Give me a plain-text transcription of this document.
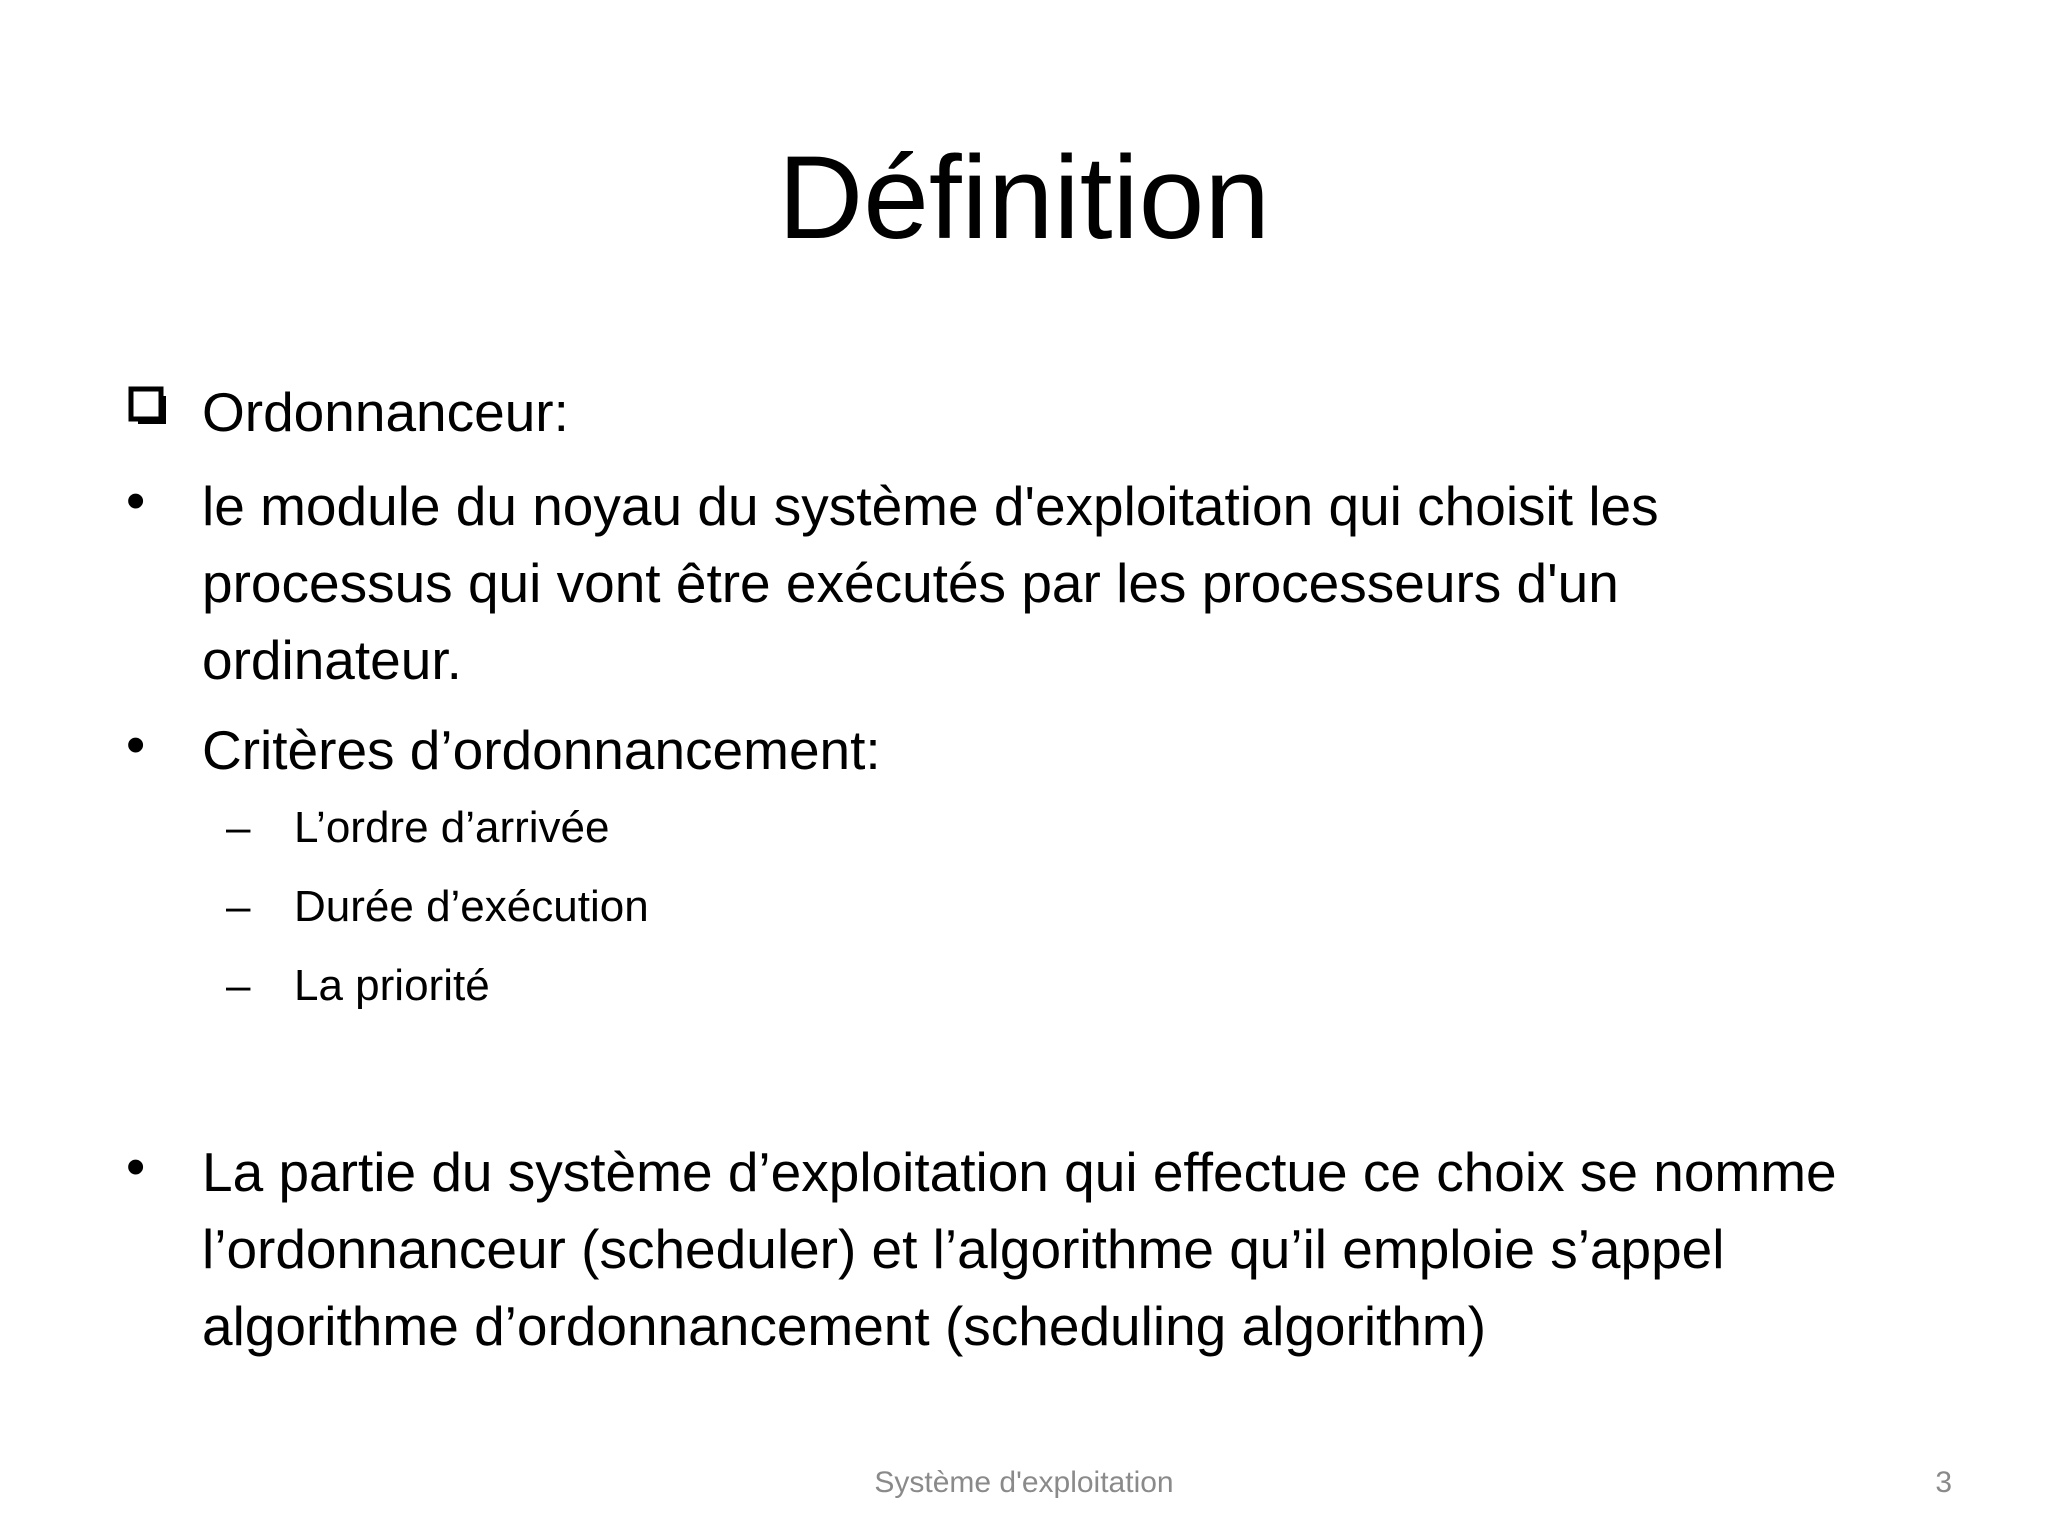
Définition
Ordonnanceur:
• le module du noyau du système d'exploitation qui choisit les
processus qui vont être exécutés par les processeurs d'un
ordinateur.
• Critères d’ordonnancement:
– L’ordre d’arrivée
– Durée d’exécution
– La priorité
• La partie du système d’exploitation qui effectue ce choix se nomme
l’ordonnanceur (scheduler) et l’algorithme qu’il emploie s’appel
algorithme d’ordonnancement (scheduling algorithm)
Système d'exploitation	3
